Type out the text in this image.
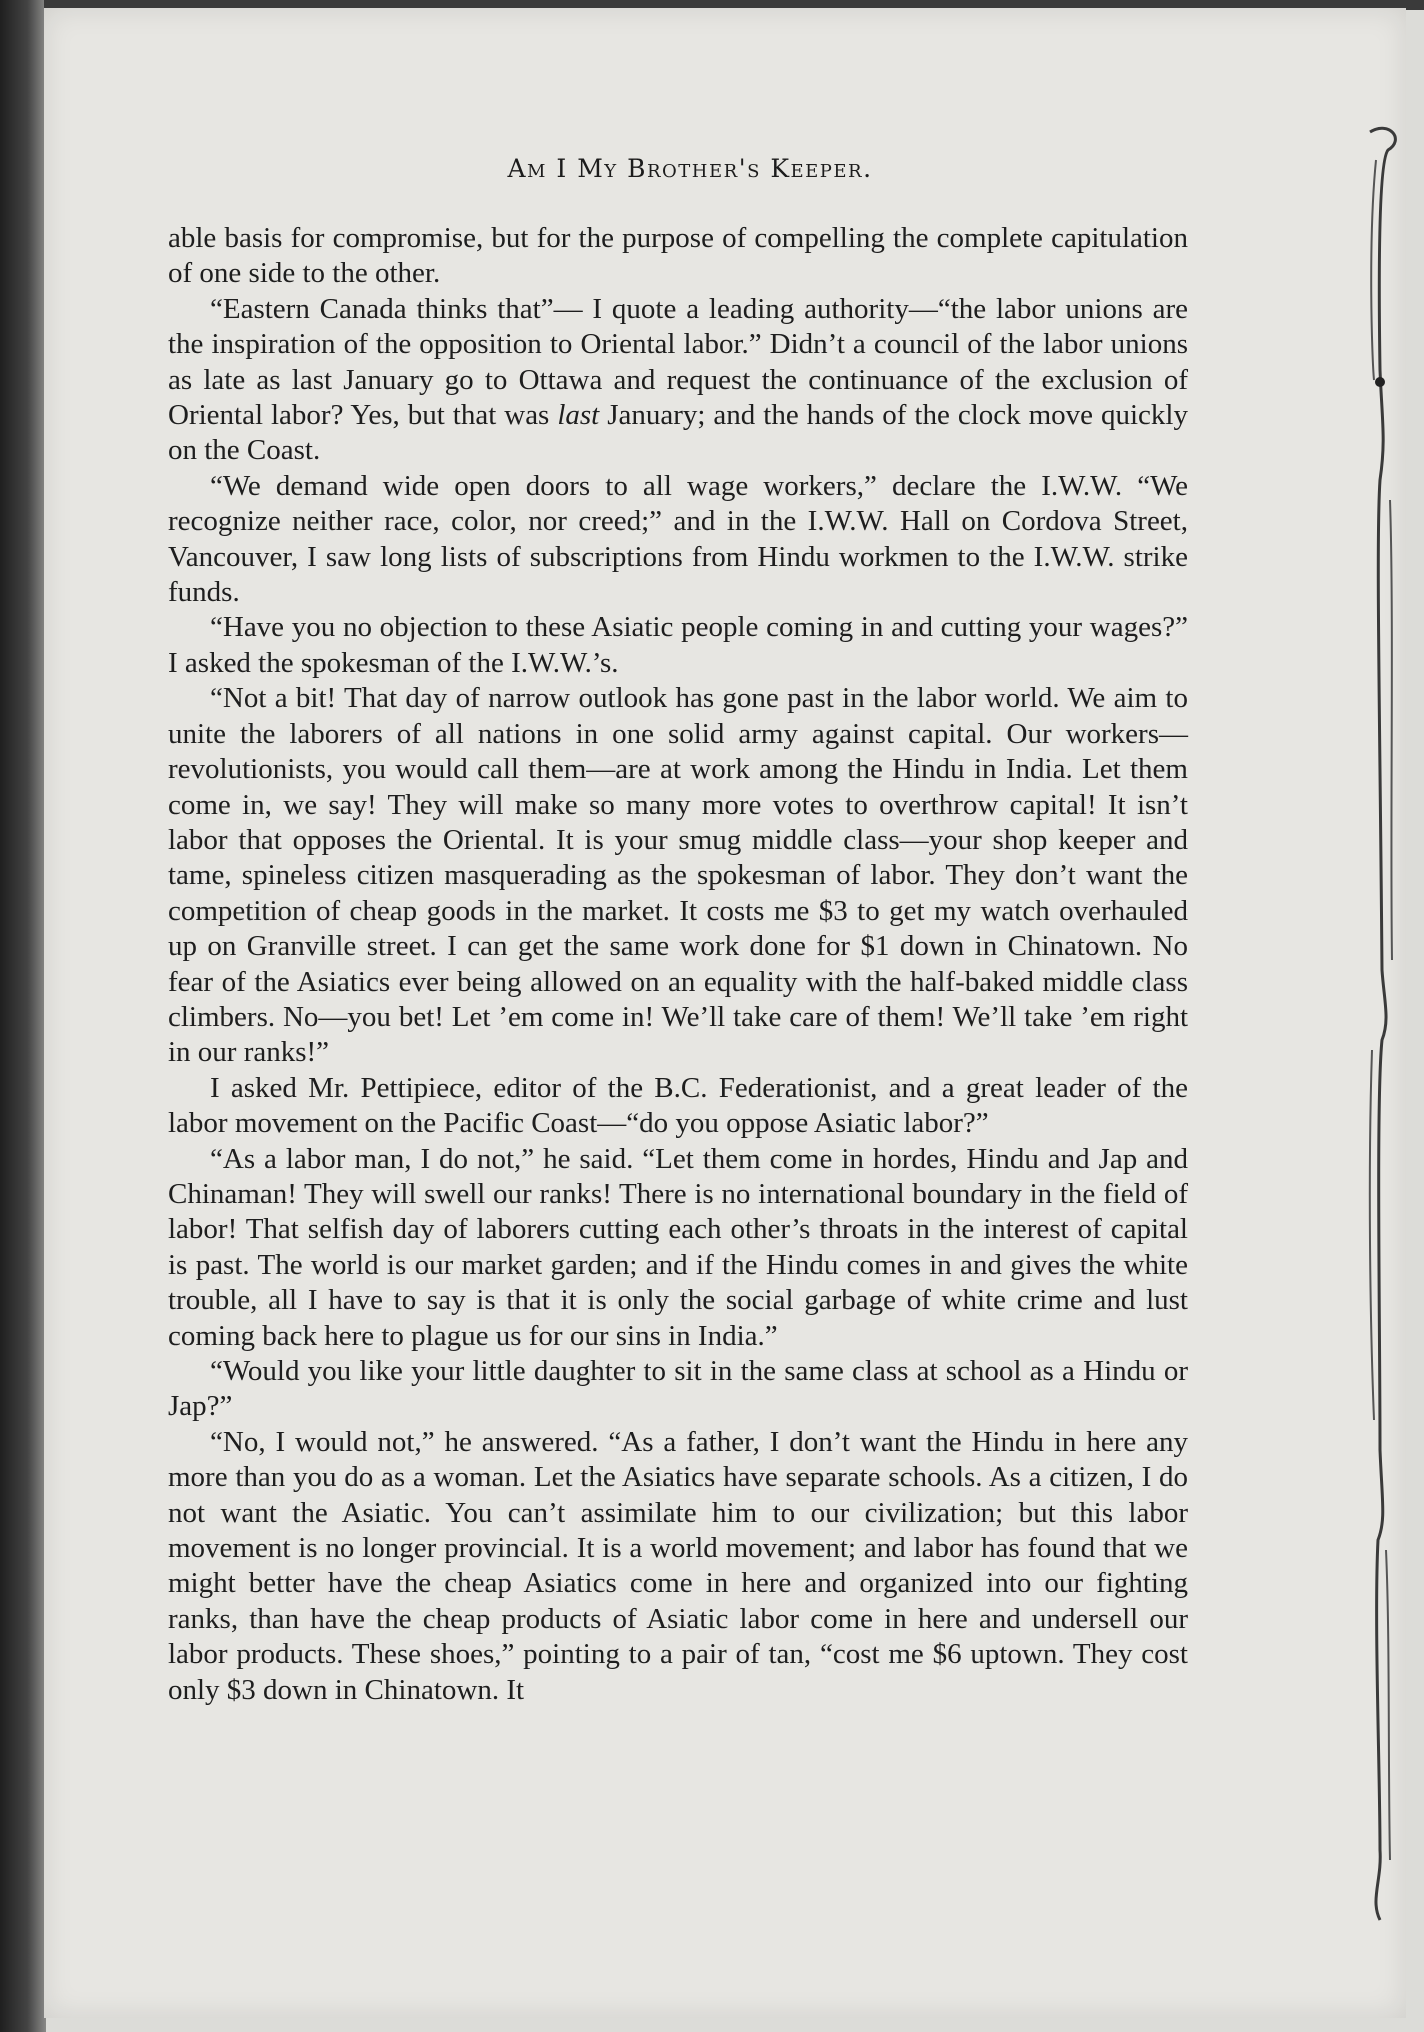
Am I My Brother's Keeper.

able basis for compromise, but for the purpose of compelling the complete capitulation of one side to the other.

“Eastern Canada thinks that”— I quote a leading authority—“the labor unions are the inspiration of the opposition to Oriental labor.” Didn’t a council of the labor unions as late as last January go to Ottawa and request the continuance of the exclusion of Oriental labor? Yes, but that was last January; and the hands of the clock move quickly on the Coast.

“We demand wide open doors to all wage workers,” declare the I.W.W. “We recognize neither race, color, nor creed;” and in the I.W.W. Hall on Cordova Street, Vancouver, I saw long lists of subscriptions from Hindu workmen to the I.W.W. strike funds.

“Have you no objection to these Asiatic people coming in and cutting your wages?” I asked the spokesman of the I.W.W.’s.

“Not a bit! That day of narrow outlook has gone past in the labor world. We aim to unite the laborers of all nations in one solid army against capital. Our workers—revolutionists, you would call them—are at work among the Hindu in India. Let them come in, we say! They will make so many more votes to overthrow capital! It isn’t labor that opposes the Oriental. It is your smug middle class—your shop keeper and tame, spineless citizen masquerading as the spokesman of labor. They don’t want the competition of cheap goods in the market. It costs me $3 to get my watch overhauled up on Granville street. I can get the same work done for $1 down in Chinatown. No fear of the Asiatics ever being allowed on an equality with the half-baked middle class climbers. No—you bet! Let ’em come in! We’ll take care of them! We’ll take ’em right in our ranks!”

I asked Mr. Pettipiece, editor of the B.C. Federationist, and a great leader of the labor movement on the Pacific Coast—“do you oppose Asiatic labor?”

“As a labor man, I do not,” he said. “Let them come in hordes, Hindu and Jap and Chinaman! They will swell our ranks! There is no international boundary in the field of labor! That selfish day of laborers cutting each other’s throats in the interest of capital is past. The world is our market garden; and if the Hindu comes in and gives the white trouble, all I have to say is that it is only the social garbage of white crime and lust coming back here to plague us for our sins in India.”

“Would you like your little daughter to sit in the same class at school as a Hindu or Jap?”

“No, I would not,” he answered. “As a father, I don’t want the Hindu in here any more than you do as a woman. Let the Asiatics have separate schools. As a citizen, I do not want the Asiatic. You can’t assimilate him to our civilization; but this labor movement is no longer provincial. It is a world movement; and labor has found that we might better have the cheap Asiatics come in here and organized into our fighting ranks, than have the cheap products of Asiatic labor come in here and undersell our labor products. These shoes,” pointing to a pair of tan, “cost me $6 uptown. They cost only $3 down in Chinatown. It
